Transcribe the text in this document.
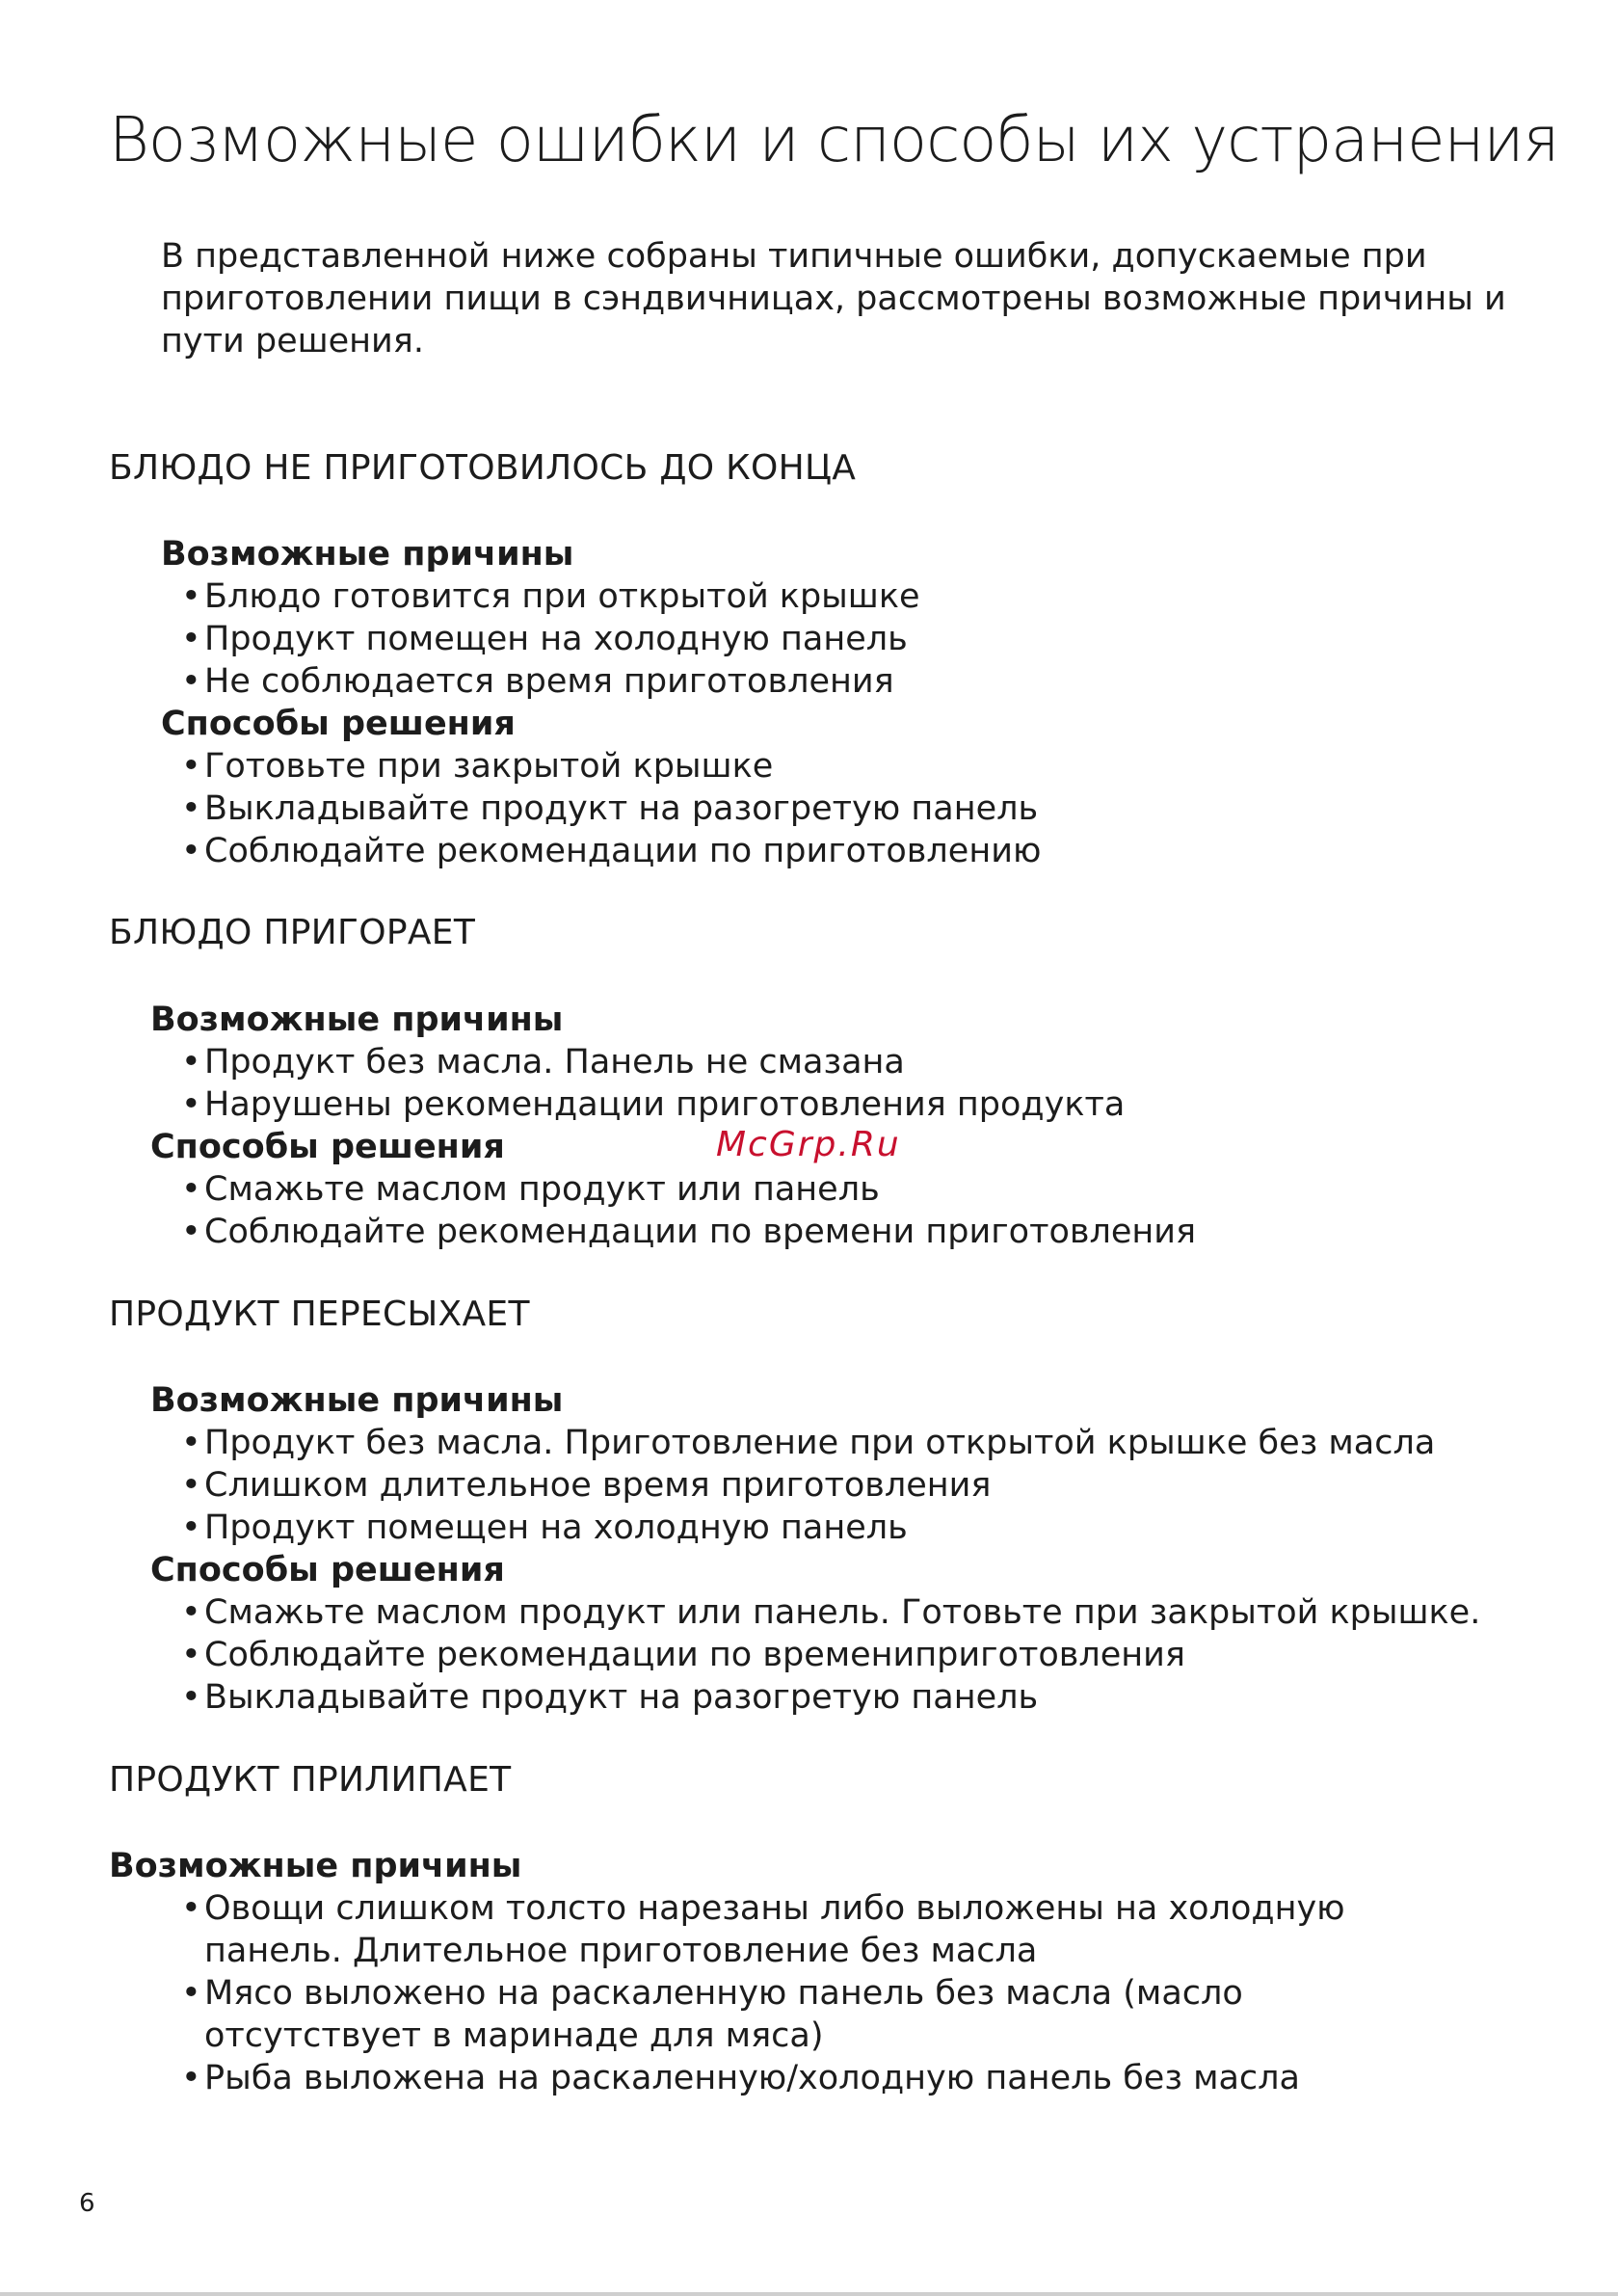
Возможные ошибки и способы их устранения

В представленной ниже собраны типичные ошибки, допускаемые при приготовлении пищи в сэндвичницах, рассмотрены возможные причины и пути решения.

БЛЮДО НЕ ПРИГОТОВИЛОСЬ ДО КОНЦА
Возможные причины
• Блюдо готовится при открытой крышке
• Продукт помещен на холодную панель
• Не соблюдается время приготовления
Способы решения
• Готовьте при закрытой крышке
• Выкладывайте продукт на разогретую панель
• Соблюдайте рекомендации по приготовлению
БЛЮДО ПРИГОРАЕТ
Возможные причины
• Продукт без масла. Панель не смазана
• Нарушены рекомендации приготовления продукта
Способы решения	McGrp.Ru
• Смажьте маслом продукт или панель
• Соблюдайте рекомендации по времени приготовления
ПРОДУКТ ПЕРЕСЫХАЕТ
Возможные причины
• Продукт без масла. Приготовление при открытой крышке без масла
• Слишком длительное время приготовления
• Продукт помещен на холодную панель
Способы решения
• Смажьте маслом продукт или панель. Готовьте при закрытой крышке.
• Соблюдайте рекомендации по времениприготовления
• Выкладывайте продукт на разогретую панель
ПРОДУКТ ПРИЛИПАЕТ
Возможные причины
• Овощи слишком толсто нарезаны либо выложены на холодную панель. Длительное приготовление без масла
• Мясо выложено на раскаленную панель без масла (масло отсутствует в маринаде для мяса)
• Рыба выложена на раскаленную/холодную панель без масла
6
